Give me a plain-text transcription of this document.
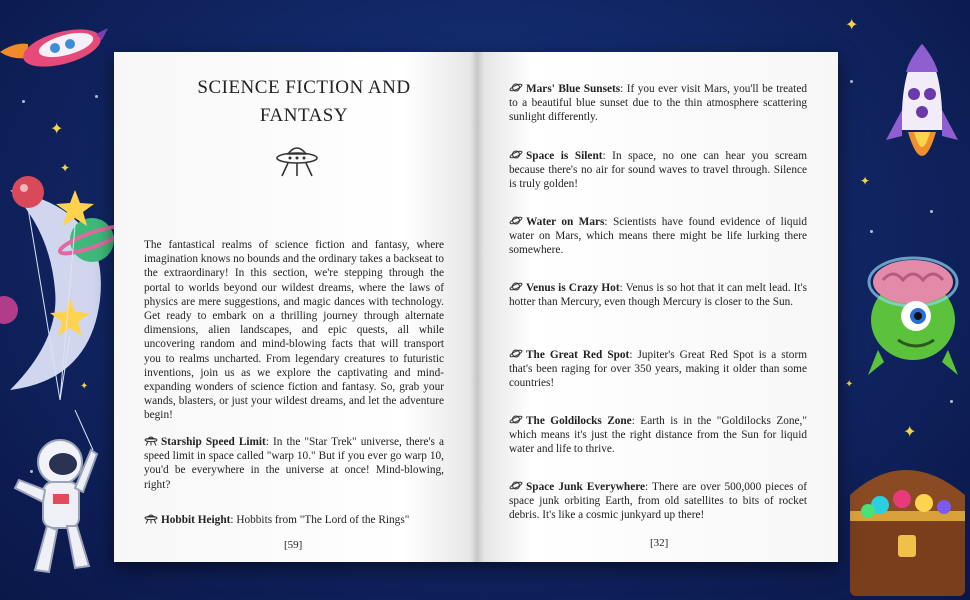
✦
✦
✦
✦
✦
✦
✦
SCIENCE FICTION AND
FANTASY
The fantastical realms of science fiction and fantasy, where imagination knows no bounds and the ordinary takes a backseat to the extraordinary! In this section, we're stepping through the portal to worlds beyond our wildest dreams, where the laws of physics are mere suggestions, and magic dances with technology. Get ready to embark on a thrilling journey through alternate dimensions, alien landscapes, and epic quests, all while uncovering random and mind-blowing facts that will transport you to realms uncharted. From legendary creatures to futuristic inventions, join us as we explore the captivating and mind-expanding wonders of science fiction and fantasy. So, grab your wands, blasters, or just your wildest dreams, and let the adventure begin!
Starship Speed Limit: In the "Star Trek" universe, there's a speed limit in space called "warp 10." But if you ever go warp 10, you'd be everywhere in the universe at once! Mind-blowing, right?
Hobbit Height: Hobbits from "The Lord of the Rings"
[59]
Mars' Blue Sunsets: If you ever visit Mars, you'll be treated to a beautiful blue sunset due to the thin atmosphere scattering sunlight differently.
Space is Silent: In space, no one can hear you scream because there's no air for sound waves to travel through. Silence is truly golden!
Water on Mars: Scientists have found evidence of liquid water on Mars, which means there might be life lurking there somewhere.
Venus is Crazy Hot: Venus is so hot that it can melt lead. It's hotter than Mercury, even though Mercury is closer to the Sun.
The Great Red Spot: Jupiter's Great Red Spot is a storm that's been raging for over 350 years, making it older than some countries!
The Goldilocks Zone: Earth is in the "Goldilocks Zone," which means it's just the right distance from the Sun for liquid water and life to thrive.
Space Junk Everywhere: There are over 500,000 pieces of space junk orbiting Earth, from old satellites to bits of rocket debris. It's like a cosmic junkyard up there!
[32]
